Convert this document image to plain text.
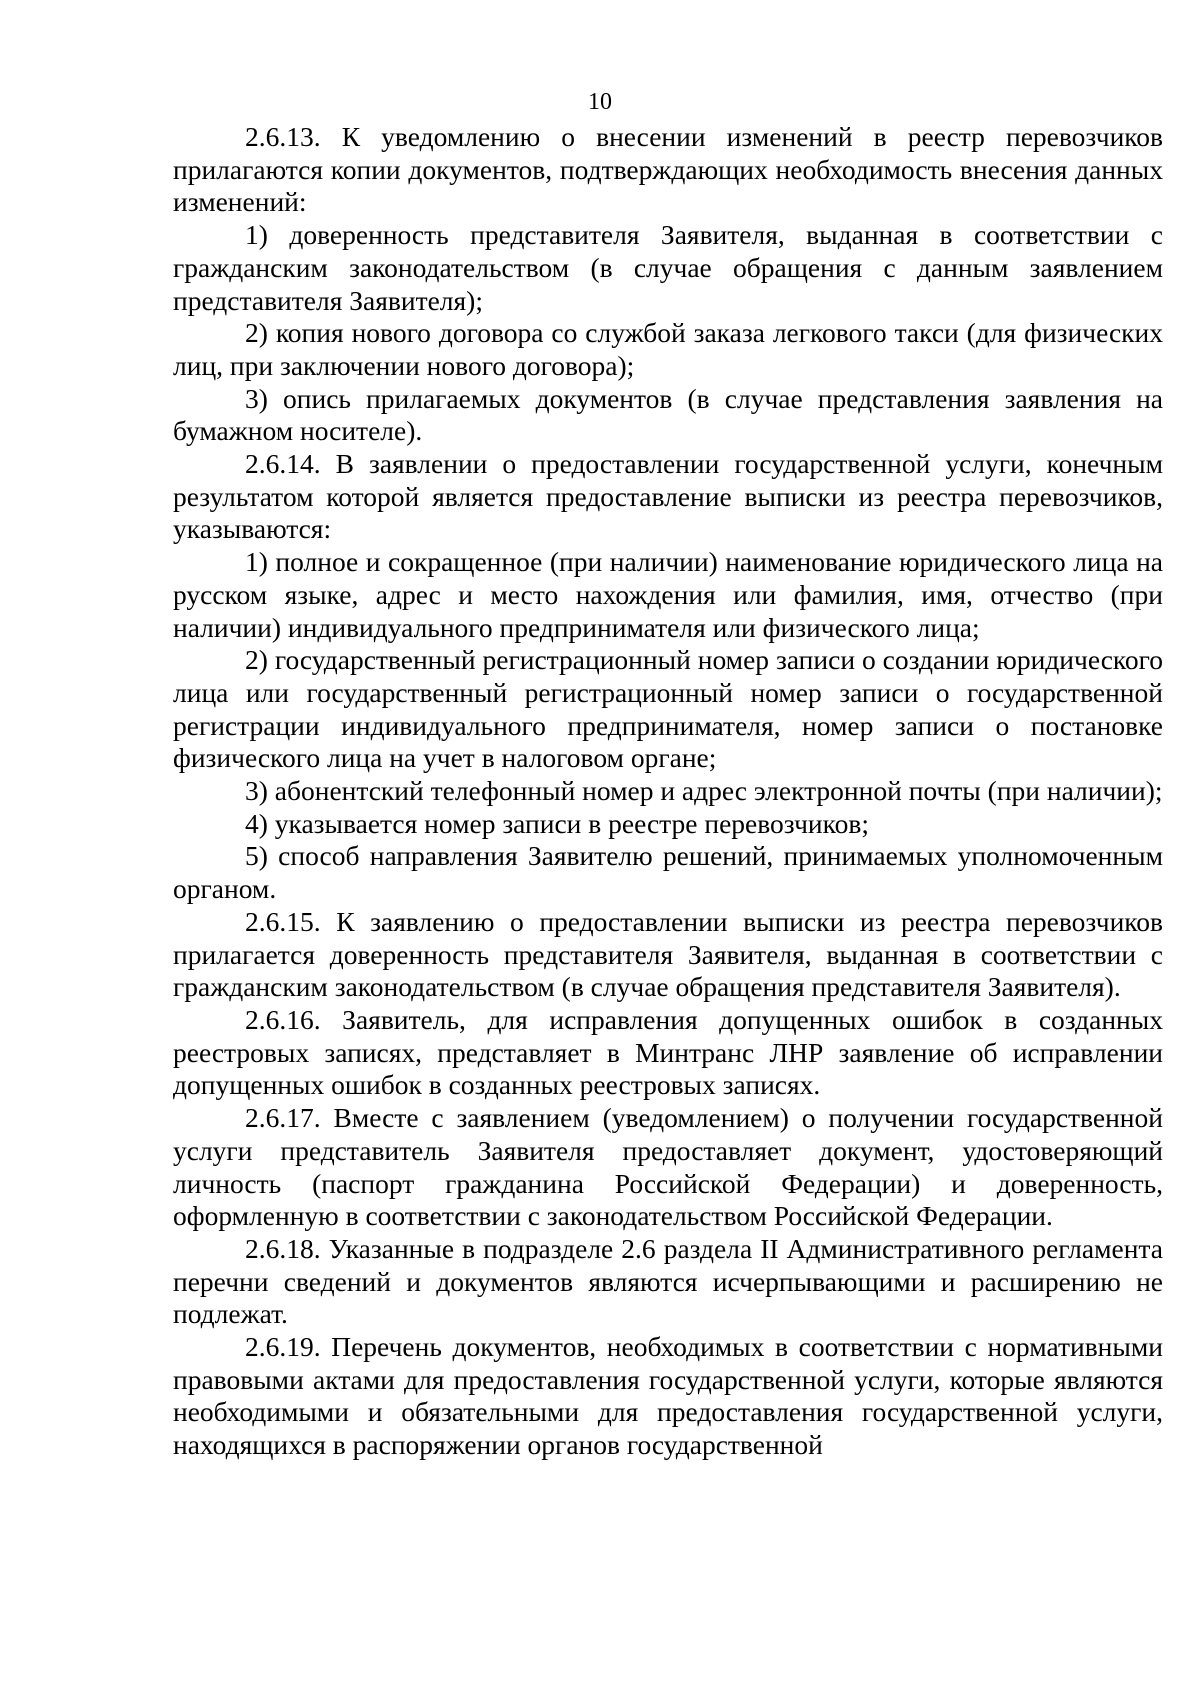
10

2.6.13. К уведомлению о внесении изменений в реестр перевозчиков прилагаются копии документов, подтверждающих необходимость внесения данных изменений:

1) доверенность представителя Заявителя, выданная в соответствии с гражданским законодательством (в случае обращения с данным заявлением представителя Заявителя);

2) копия нового договора со службой заказа легкового такси (для физических лиц, при заключении нового договора);

3) опись прилагаемых документов (в случае представления заявления на бумажном носителе).

2.6.14. В заявлении о предоставлении государственной услуги, конечным результатом которой является предоставление выписки из реестра перевозчиков, указываются:

1) полное и сокращенное (при наличии) наименование юридического лица на русском языке, адрес и место нахождения или фамилия, имя, отчество (при наличии) индивидуального предпринимателя или физического лица;

2) государственный регистрационный номер записи о создании юридического лица или государственный регистрационный номер записи о государственной регистрации индивидуального предпринимателя, номер записи о постановке физического лица на учет в налоговом органе;

3) абонентский телефонный номер и адрес электронной почты (при наличии);

4) указывается номер записи в реестре перевозчиков;

5) способ направления Заявителю решений, принимаемых уполномоченным органом.

2.6.15. К заявлению о предоставлении выписки из реестра перевозчиков прилагается доверенность представителя Заявителя, выданная в соответствии с гражданским законодательством (в случае обращения представителя Заявителя).

2.6.16. Заявитель, для исправления допущенных ошибок в созданных реестровых записях, представляет в Минтранс ЛНР заявление об исправлении допущенных ошибок в созданных реестровых записях.

2.6.17. Вместе с заявлением (уведомлением) о получении государственной услуги представитель Заявителя предоставляет документ, удостоверяющий личность (паспорт гражданина Российской Федерации) и доверенность, оформленную в соответствии с законодательством Российской Федерации.

2.6.18. Указанные в подразделе 2.6 раздела II Административного регламента перечни сведений и документов являются исчерпывающими и расширению не подлежат.

2.6.19. Перечень документов, необходимых в соответствии с нормативными правовыми актами для предоставления государственной услуги, которые являются необходимыми и обязательными для предоставления государственной услуги, находящихся в распоряжении органов государственной
